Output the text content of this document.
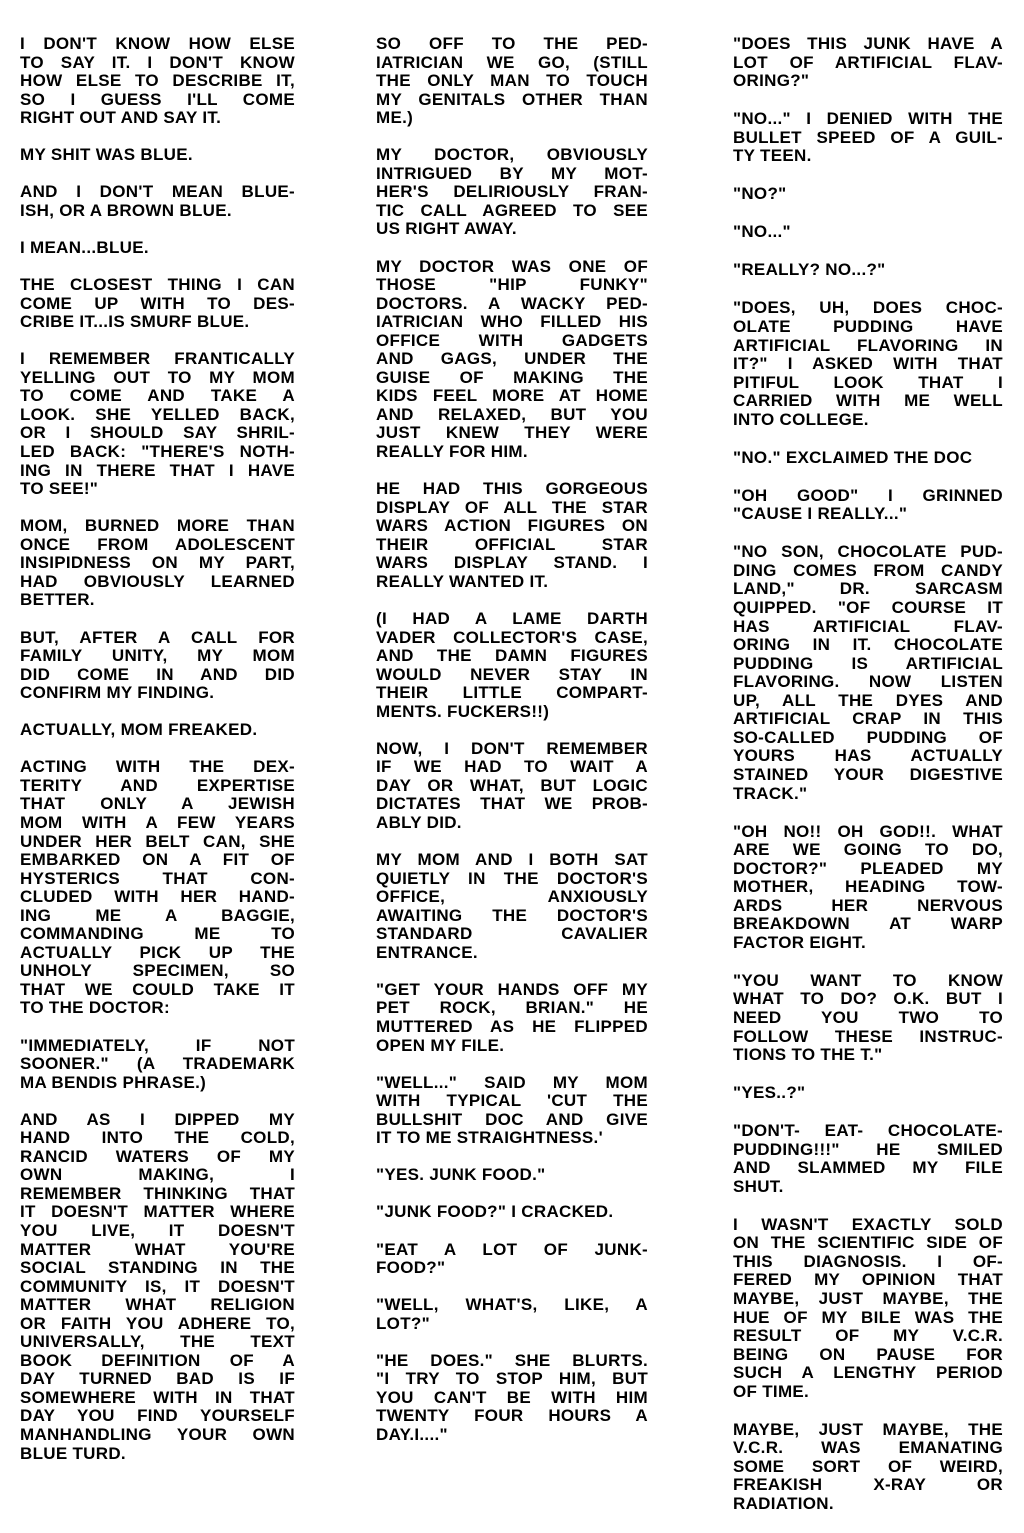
I DON'T KNOW HOW ELSE
TO SAY IT. I DON'T KNOW
HOW ELSE TO DESCRIBE IT,
SO I GUESS I'LL COME
RIGHT OUT AND SAY IT.
MY SHIT WAS BLUE.
AND I DON'T MEAN BLUE-
ISH, OR A BROWN BLUE.
I MEAN...BLUE.
THE CLOSEST THING I CAN
COME UP WITH TO DES-
CRIBE IT...IS SMURF BLUE.
I REMEMBER FRANTICALLY
YELLING OUT TO MY MOM
TO COME AND TAKE A
LOOK. SHE YELLED BACK,
OR I SHOULD SAY SHRIL-
LED BACK: "THERE'S NOTH-
ING IN THERE THAT I HAVE
TO SEE!"
MOM, BURNED MORE THAN
ONCE FROM ADOLESCENT
INSIPIDNESS ON MY PART,
HAD OBVIOUSLY LEARNED
BETTER.
BUT, AFTER A CALL FOR
FAMILY UNITY, MY MOM
DID COME IN AND DID
CONFIRM MY FINDING.
ACTUALLY, MOM FREAKED.
ACTING WITH THE DEX-
TERITY AND EXPERTISE
THAT ONLY A JEWISH
MOM WITH A FEW YEARS
UNDER HER BELT CAN, SHE
EMBARKED ON A FIT OF
HYSTERICS THAT CON-
CLUDED WITH HER HAND-
ING ME A BAGGIE,
COMMANDING ME TO
ACTUALLY PICK UP THE
UNHOLY SPECIMEN, SO
THAT WE COULD TAKE IT
TO THE DOCTOR:
"IMMEDIATELY, IF NOT
SOONER." (A TRADEMARK
MA BENDIS PHRASE.)
AND AS I DIPPED MY
HAND INTO THE COLD,
RANCID WATERS OF MY
OWN MAKING, I
REMEMBER THINKING THAT
IT DOESN'T MATTER WHERE
YOU LIVE, IT DOESN'T
MATTER WHAT YOU'RE
SOCIAL STANDING IN THE
COMMUNITY IS, IT DOESN'T
MATTER WHAT RELIGION
OR FAITH YOU ADHERE TO,
UNIVERSALLY, THE TEXT
BOOK DEFINITION OF A
DAY TURNED BAD IS IF
SOMEWHERE WITH IN THAT
DAY YOU FIND YOURSELF
MANHANDLING YOUR OWN
BLUE TURD.
SO OFF TO THE PED-
IATRICIAN WE GO, (STILL
THE ONLY MAN TO TOUCH
MY GENITALS OTHER THAN
ME.)
MY DOCTOR, OBVIOUSLY
INTRIGUED BY MY MOT-
HER'S DELIRIOUSLY FRAN-
TIC CALL AGREED TO SEE
US RIGHT AWAY.
MY DOCTOR WAS ONE OF
THOSE "HIP FUNKY"
DOCTORS. A WACKY PED-
IATRICIAN WHO FILLED HIS
OFFICE WITH GADGETS
AND GAGS, UNDER THE
GUISE OF MAKING THE
KIDS FEEL MORE AT HOME
AND RELAXED, BUT YOU
JUST KNEW THEY WERE
REALLY FOR HIM.
HE HAD THIS GORGEOUS
DISPLAY OF ALL THE STAR
WARS ACTION FIGURES ON
THEIR OFFICIAL STAR
WARS DISPLAY STAND. I
REALLY WANTED IT.
(I HAD A LAME DARTH
VADER COLLECTOR'S CASE,
AND THE DAMN FIGURES
WOULD NEVER STAY IN
THEIR LITTLE COMPART-
MENTS. FUCKERS!!)
NOW, I DON'T REMEMBER
IF WE HAD TO WAIT A
DAY OR WHAT, BUT LOGIC
DICTATES THAT WE PROB-
ABLY DID.
MY MOM AND I BOTH SAT
QUIETLY IN THE DOCTOR'S
OFFICE, ANXIOUSLY
AWAITING THE DOCTOR'S
STANDARD CAVALIER
ENTRANCE.
"GET YOUR HANDS OFF MY
PET ROCK, BRIAN." HE
MUTTERED AS HE FLIPPED
OPEN MY FILE.
"WELL..." SAID MY MOM
WITH TYPICAL 'CUT THE
BULLSHIT DOC AND GIVE
IT TO ME STRAIGHTNESS.'
"YES. JUNK FOOD."
"JUNK FOOD?" I CRACKED.
"EAT A LOT OF JUNK-
FOOD?"
"WELL, WHAT'S, LIKE, A
LOT?"
"HE DOES." SHE BLURTS.
"I TRY TO STOP HIM, BUT
YOU CAN'T BE WITH HIM
TWENTY FOUR HOURS A
DAY.I...."
"DOES THIS JUNK HAVE A
LOT OF ARTIFICIAL FLAV-
ORING?"
"NO..." I DENIED WITH THE
BULLET SPEED OF A GUIL-
TY TEEN.
"NO?"
"NO..."
"REALLY? NO...?"
"DOES, UH, DOES CHOC-
OLATE PUDDING HAVE
ARTIFICIAL FLAVORING IN
IT?" I ASKED WITH THAT
PITIFUL LOOK THAT I
CARRIED WITH ME WELL
INTO COLLEGE.
"NO." EXCLAIMED THE DOC
"OH GOOD" I GRINNED
"CAUSE I REALLY..."
"NO SON, CHOCOLATE PUD-
DING COMES FROM CANDY
LAND," DR. SARCASM
QUIPPED. "OF COURSE IT
HAS ARTIFICIAL FLAV-
ORING IN IT. CHOCOLATE
PUDDING IS ARTIFICIAL
FLAVORING. NOW LISTEN
UP, ALL THE DYES AND
ARTIFICIAL CRAP IN THIS
SO-CALLED PUDDING OF
YOURS HAS ACTUALLY
STAINED YOUR DIGESTIVE
TRACK."
"OH NO!! OH GOD!!. WHAT
ARE WE GOING TO DO,
DOCTOR?" PLEADED MY
MOTHER, HEADING TOW-
ARDS HER NERVOUS
BREAKDOWN AT WARP
FACTOR EIGHT.
"YOU WANT TO KNOW
WHAT TO DO? O.K. BUT I
NEED YOU TWO TO
FOLLOW THESE INSTRUC-
TIONS TO THE T."
"YES..?"
"DON'T- EAT- CHOCOLATE-
PUDDING!!!" HE SMILED
AND SLAMMED MY FILE
SHUT.
I WASN'T EXACTLY SOLD
ON THE SCIENTIFIC SIDE OF
THIS DIAGNOSIS. I OF-
FERED MY OPINION THAT
MAYBE, JUST MAYBE, THE
HUE OF MY BILE WAS THE
RESULT OF MY V.C.R.
BEING ON PAUSE FOR
SUCH A LENGTHY PERIOD
OF TIME.
MAYBE, JUST MAYBE, THE
V.C.R. WAS EMANATING
SOME SORT OF WEIRD,
FREAKISH X-RAY OR
RADIATION.
